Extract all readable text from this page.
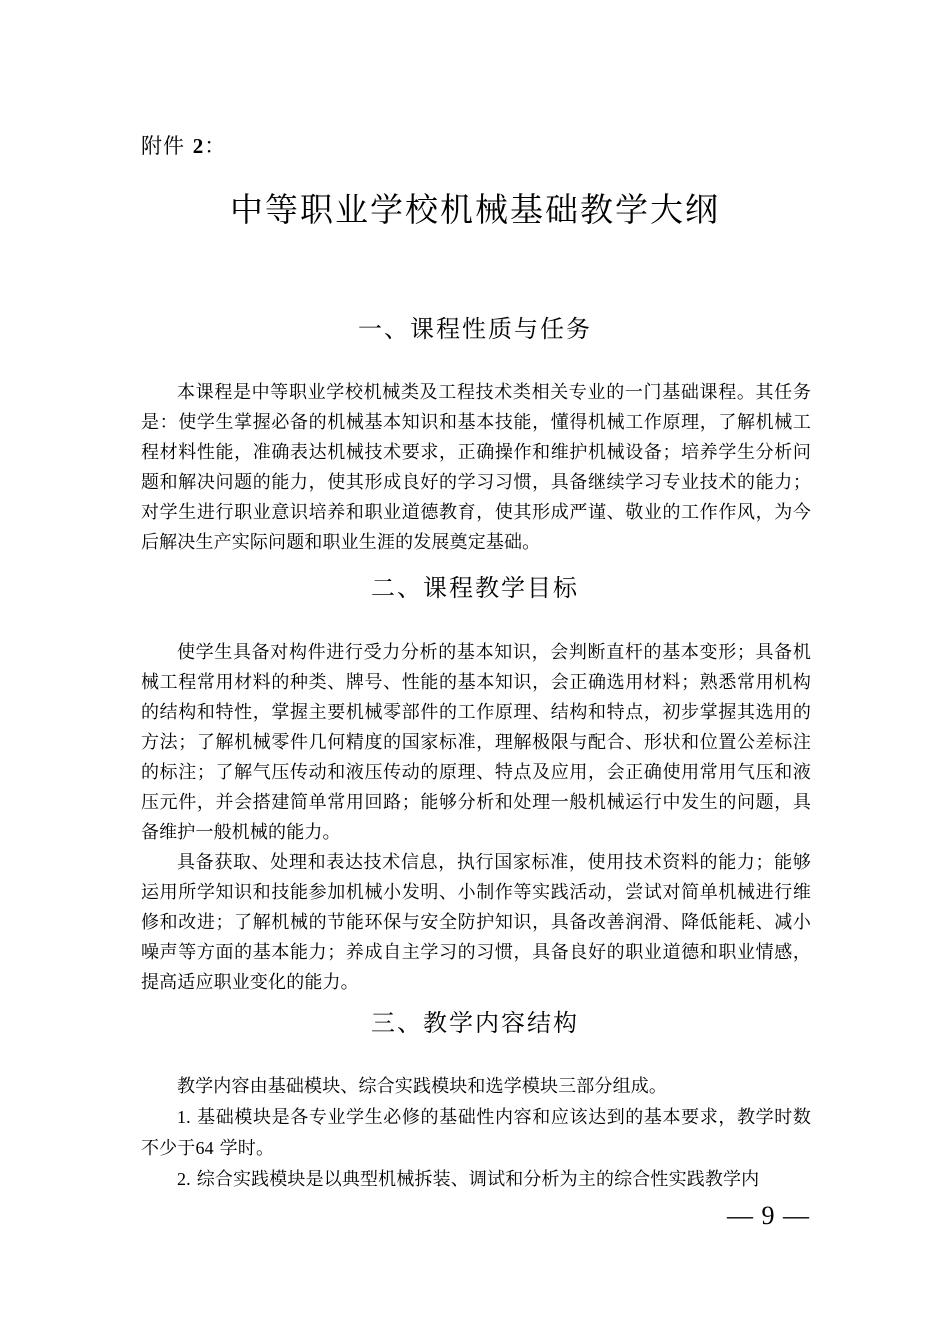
附件 2：
中等职业学校机械基础教学大纲
一、课程性质与任务

本课程是中等职业学校机械类及工程技术类相关专业的一门基础课程。其任务是：使学生掌握必备的机械基本知识和基本技能，懂得机械工作原理，了解机械工程材料性能，准确表达机械技术要求，正确操作和维护机械设备；培养学生分析问题和解决问题的能力，使其形成良好的学习习惯，具备继续学习专业技术的能力；对学生进行职业意识培养和职业道德教育，使其形成严谨、敬业的工作作风，为今后解决生产实际问题和职业生涯的发展奠定基础。

二、课程教学目标

使学生具备对构件进行受力分析的基本知识，会判断直杆的基本变形；具备机械工程常用材料的种类、牌号、性能的基本知识，会正确选用材料；熟悉常用机构的结构和特性，掌握主要机械零部件的工作原理、结构和特点，初步掌握其选用的方法；了解机械零件几何精度的国家标准，理解极限与配合、形状和位置公差标注的标注；了解气压传动和液压传动的原理、特点及应用，会正确使用常用气压和液压元件，并会搭建简单常用回路；能够分析和处理一般机械运行中发生的问题，具备维护一般机械的能力。

具备获取、处理和表达技术信息，执行国家标准，使用技术资料的能力；能够运用所学知识和技能参加机械小发明、小制作等实践活动，尝试对简单机械进行维修和改进；了解机械的节能环保与安全防护知识，具备改善润滑、降低能耗、减小噪声等方面的基本能力；养成自主学习的习惯，具备良好的职业道德和职业情感，提高适应职业变化的能力。

三、教学内容结构

教学内容由基础模块、综合实践模块和选学模块三部分组成。

1. 基础模块是各专业学生必修的基础性内容和应该达到的基本要求，教学时数不少于64 学时。

2. 综合实践模块是以典型机械拆装、调试和分析为主的综合性实践教学内

— 9 —
